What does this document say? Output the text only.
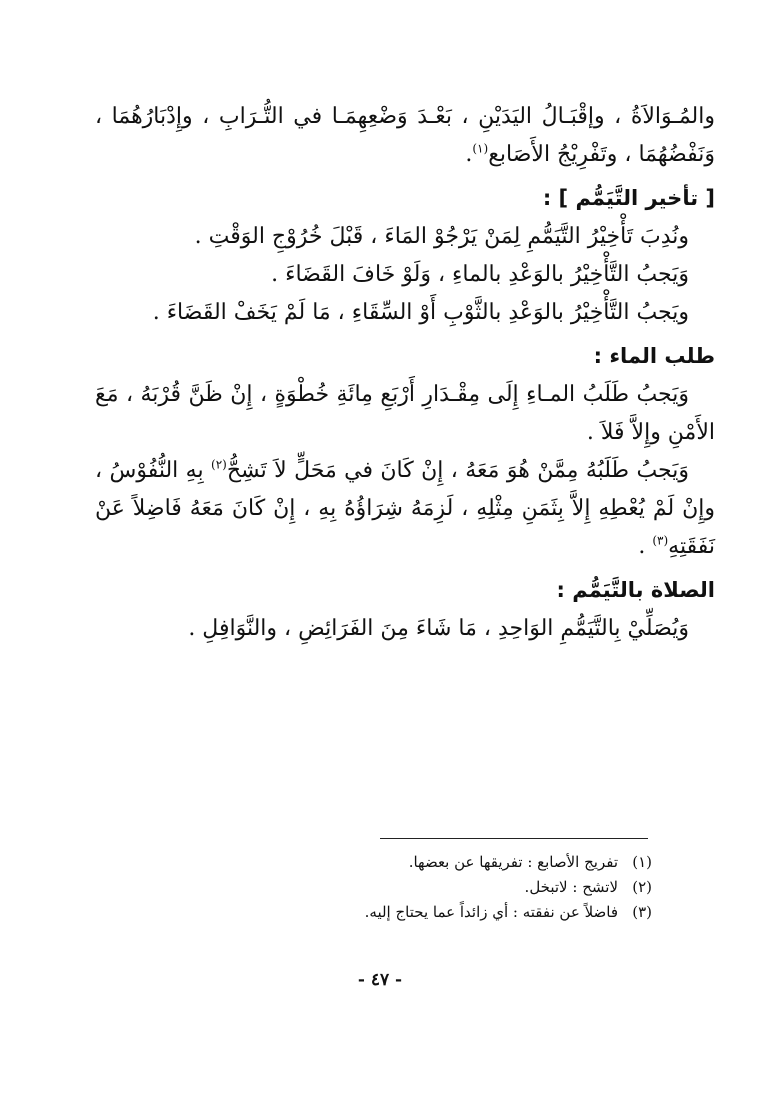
والمُـوَالاَةُ ، وإقْبَـالُ اليَدَيْنِ ، بَعْـدَ وَضْعِهِمَـا في التُّـرَابِ ، وإِدْبَارُهُمَا ، وَنَفْضُهُمَا ، وتَفْرِيْجُ الأَصَابع$^{(١)}$.

[ تأخير التَّيَمُّم ] :

ونُدِبَ تَأْخِيْرُ التَّيَمُّمِ لِمَنْ يَرْجُوْ المَاءَ ، قَبْلَ خُرُوْجِ الوَقْتِ .

وَيَجبُ التَّأْخِيْرُ بالوَعْدِ بالماءِ ، وَلَوْ خَافَ القَضَاءَ .

ويَجبُ التَّأْخِيْرُ بالوَعْدِ بالثَّوْبِ أَوْ السِّقَاءِ ، مَا لَمْ يَخَفْ القَضَاءَ .

طلب الماء :

وَيَجبُ طَلَبُ المـاءِ إِلَى مِقْـدَارِ أَرْبَعِ مِائَةِ خُطْوَةٍ ، إِنْ ظَنَّ قُرْبَهُ ، مَعَ الأَمْنِ وإِلاَّ فَلاَ .

وَيَجبُ طَلَبُهُ مِمَّنْ هُوَ مَعَهُ ، إِنْ كَانَ في مَحَلٍّ لاَ تَشِحُّ$^{(٢)}$ بِهِ النُّفُوْسُ ، وإِنْ لَمْ يُعْطِهِ إِلاَّ بِثَمَنِ مِثْلِهِ ، لَزِمَهُ شِرَاؤُهُ بِهِ ، إِنْ كَانَ مَعَهُ فَاضِلاً عَنْ نَفَقَتِهِ$^{(٣)}$ .

الصلاة بالتَّيَمُّم :

وَيُصَلِّيْ بِالتَّيَمُّمِ الوَاحِدِ ، مَا شَاءَ مِنَ الفَرَائِضِ ، والنَّوَافِلِ .

(١)
تفريج الأصابع : تفريقها عن بعضها.
(٢)
لاتشح : لاتبخل.
(٣)
فاضلاً عن نفقته : أي زائداً عما يحتاج إليه.
- ٤٧ -
